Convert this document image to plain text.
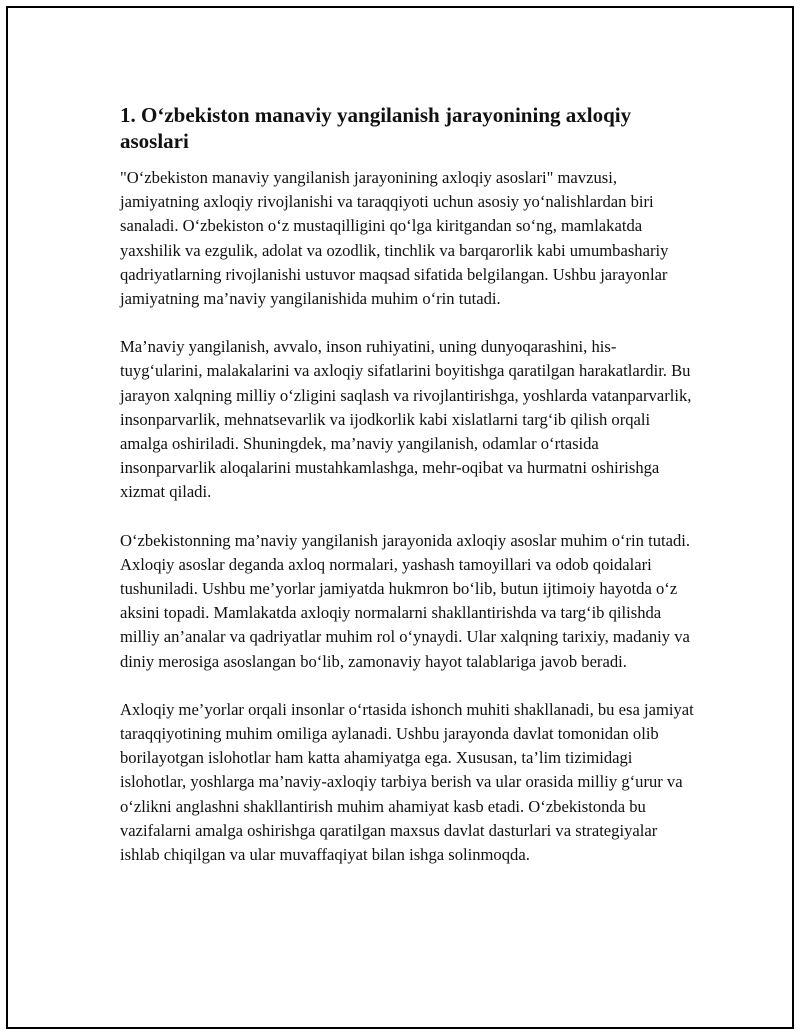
1. O‘zbekiston manaviy yangilanish jarayonining axloqiy asoslari

"O‘zbekiston manaviy yangilanish jarayonining axloqiy asoslari" mavzusi, jamiyatning axloqiy rivojlanishi va taraqqiyoti uchun asosiy yo‘nalishlardan biri sanaladi. O‘zbekiston o‘z mustaqilligini qo‘lga kiritgandan so‘ng, mamlakatda yaxshilik va ezgulik, adolat va ozodlik, tinchlik va barqarorlik kabi umumbashariy qadriyatlarning rivojlanishi ustuvor maqsad sifatida belgilangan. Ushbu jarayonlar jamiyatning ma’naviy yangilanishida muhim o‘rin tutadi.

Ma’naviy yangilanish, avvalo, inson ruhiyatini, uning dunyoqarashini, his-tuyg‘ularini, malakalarini va axloqiy sifatlarini boyitishga qaratilgan harakatlardir. Bu jarayon xalqning milliy o‘zligini saqlash va rivojlantirishga, yoshlarda vatanparvarlik, insonparvarlik, mehnatsevarlik va ijodkorlik kabi xislatlarni targ‘ib qilish orqali amalga oshiriladi. Shuningdek, ma’naviy yangilanish, odamlar o‘rtasida insonparvarlik aloqalarini mustahkamlashga, mehr-oqibat va hurmatni oshirishga xizmat qiladi.

O‘zbekistonning ma’naviy yangilanish jarayonida axloqiy asoslar muhim o‘rin tutadi. Axloqiy asoslar deganda axloq normalari, yashash tamoyillari va odob qoidalari tushuniladi. Ushbu me’yorlar jamiyatda hukmron bo‘lib, butun ijtimoiy hayotda o‘z aksini topadi. Mamlakatda axloqiy normalarni shakllantirishda va targ‘ib qilishda milliy an’analar va qadriyatlar muhim rol o‘ynaydi. Ular xalqning tarixiy, madaniy va diniy merosiga asoslangan bo‘lib, zamonaviy hayot talablariga javob beradi.

Axloqiy me’yorlar orqali insonlar o‘rtasida ishonch muhiti shakllanadi, bu esa jamiyat taraqqiyotining muhim omiliga aylanadi. Ushbu jarayonda davlat tomonidan olib borilayotgan islohotlar ham katta ahamiyatga ega. Xususan, ta’lim tizimidagi islohotlar, yoshlarga ma’naviy-axloqiy tarbiya berish va ular orasida milliy g‘urur va o‘zlikni anglashni shakllantirish muhim ahamiyat kasb etadi. O‘zbekistonda bu vazifalarni amalga oshirishga qaratilgan maxsus davlat dasturlari va strategiyalar ishlab chiqilgan va ular muvaffaqiyat bilan ishga solinmoqda.
